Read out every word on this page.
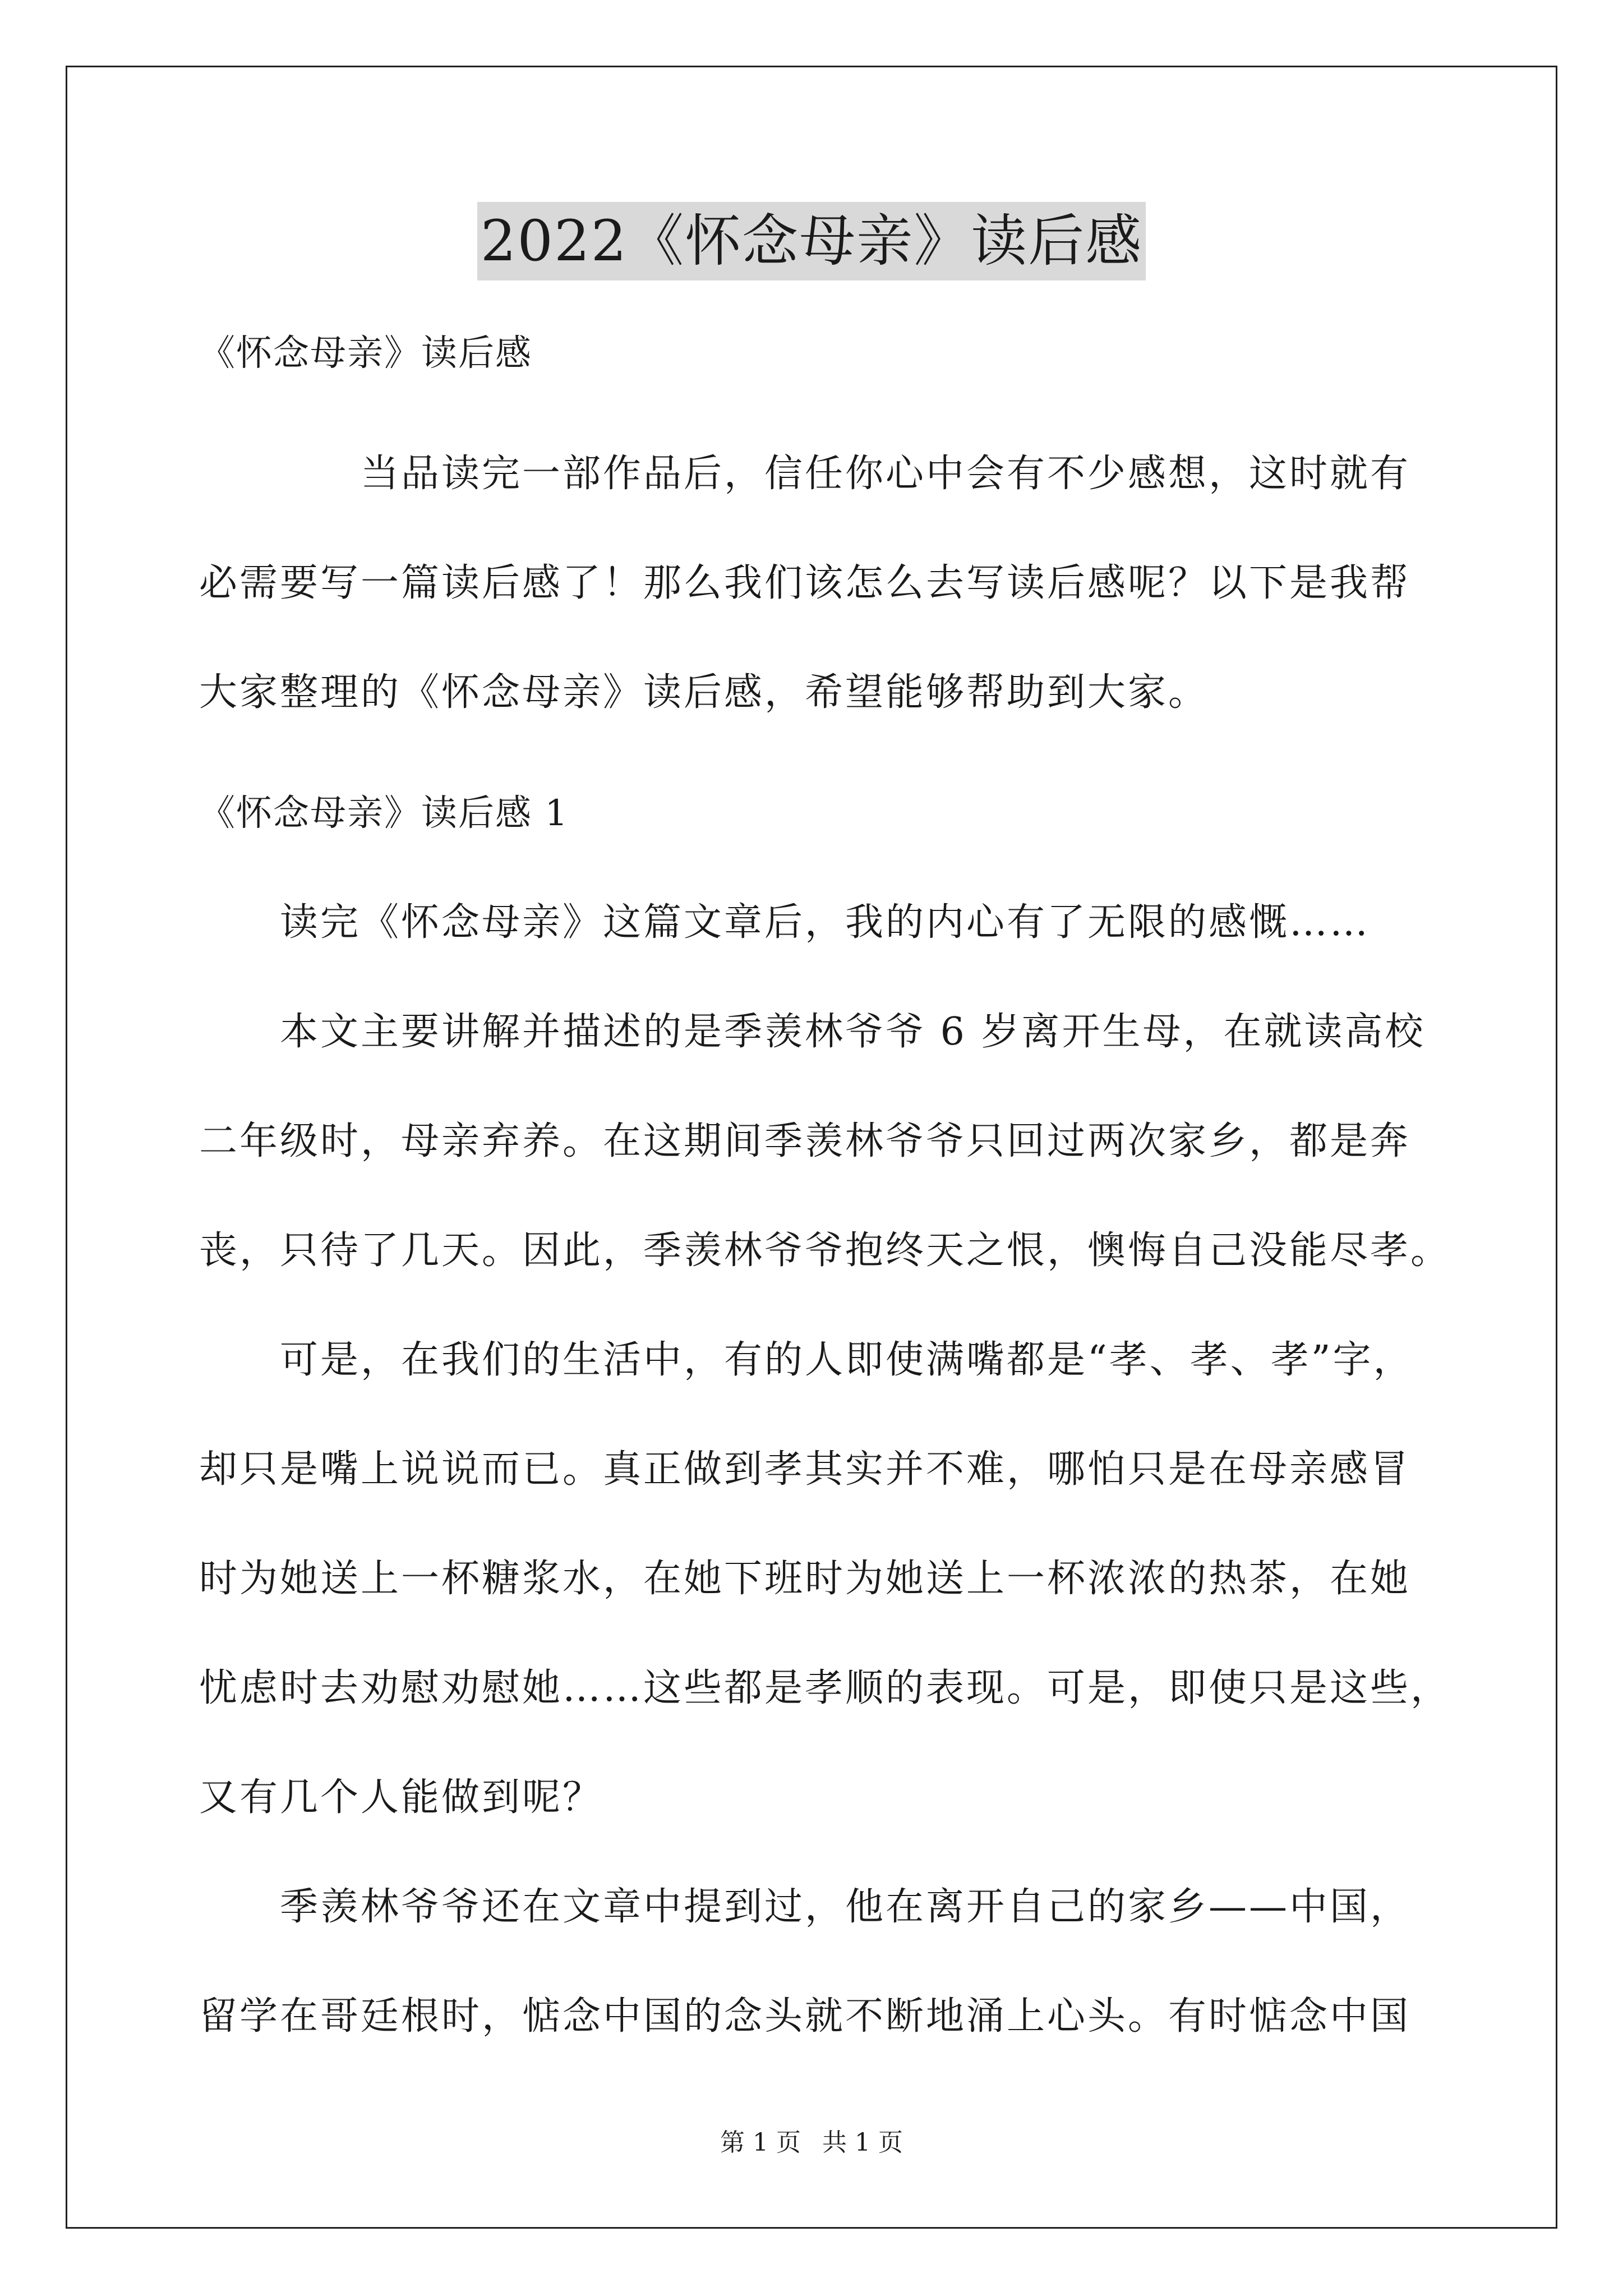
2022《怀念母亲》读后感
《怀念母亲》读后感
当品读完一部作品后，信任你心中会有不少感想，这时就有
必需要写一篇读后感了！那么我们该怎么去写读后感呢？以下是我帮
大家整理的《怀念母亲》读后感，希望能够帮助到大家。
《怀念母亲》读后感 1
读完《怀念母亲》这篇文章后，我的内心有了无限的感慨……
本文主要讲解并描述的是季羡林爷爷 6 岁离开生母，在就读高校
二年级时，母亲弃养。在这期间季羡林爷爷只回过两次家乡，都是奔
丧，只待了几天。因此，季羡林爷爷抱终天之恨，懊悔自己没能尽孝。
可是，在我们的生活中，有的人即使满嘴都是“孝、孝、孝”字，
却只是嘴上说说而已。真正做到孝其实并不难，哪怕只是在母亲感冒
时为她送上一杯糖浆水，在她下班时为她送上一杯浓浓的热茶，在她
忧虑时去劝慰劝慰她……这些都是孝顺的表现。可是，即使只是这些，
又有几个人能做到呢？
季羡林爷爷还在文章中提到过，他在离开自己的家乡——中国，
留学在哥廷根时，惦念中国的念头就不断地涌上心头。有时惦念中国
第 1 页 共 1 页
